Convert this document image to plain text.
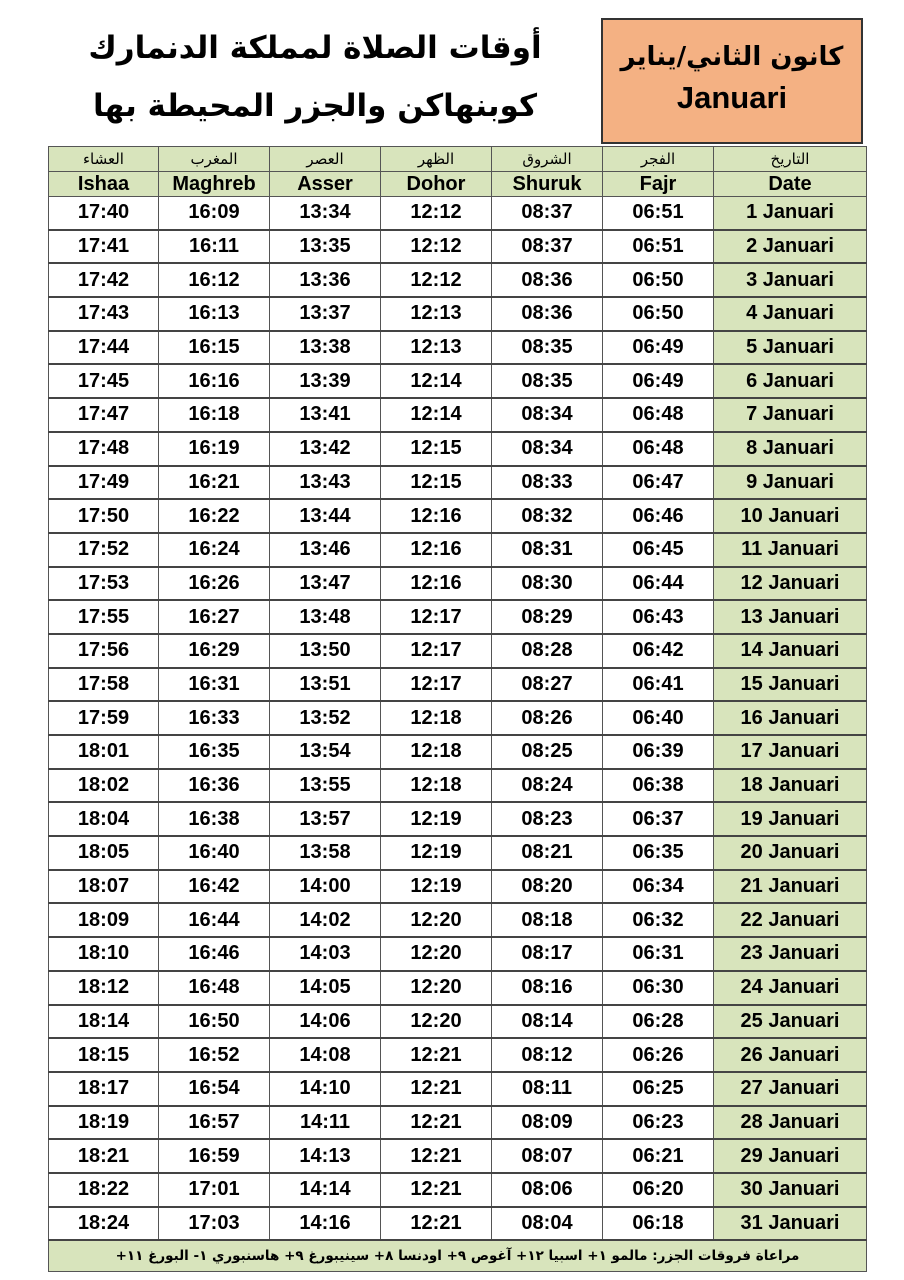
أوقات الصلاة لمملكة الدنمارك
كوبنهاكن والجزر المحيطة بها
كانون الثاني/يناير
Januari
العشاء	المغرب	العصر	الظهر	الشروق	الفجر	التاريخ
Ishaa	Maghreb	Asser	Dohor	Shuruk	Fajr	Date
17:40	16:09	13:34	12:12	08:37	06:51	1 Januari
17:41	16:11	13:35	12:12	08:37	06:51	2 Januari
17:42	16:12	13:36	12:12	08:36	06:50	3 Januari
17:43	16:13	13:37	12:13	08:36	06:50	4 Januari
17:44	16:15	13:38	12:13	08:35	06:49	5 Januari
17:45	16:16	13:39	12:14	08:35	06:49	6 Januari
17:47	16:18	13:41	12:14	08:34	06:48	7 Januari
17:48	16:19	13:42	12:15	08:34	06:48	8 Januari
17:49	16:21	13:43	12:15	08:33	06:47	9 Januari
17:50	16:22	13:44	12:16	08:32	06:46	10 Januari
17:52	16:24	13:46	12:16	08:31	06:45	11 Januari
17:53	16:26	13:47	12:16	08:30	06:44	12 Januari
17:55	16:27	13:48	12:17	08:29	06:43	13 Januari
17:56	16:29	13:50	12:17	08:28	06:42	14 Januari
17:58	16:31	13:51	12:17	08:27	06:41	15 Januari
17:59	16:33	13:52	12:18	08:26	06:40	16 Januari
18:01	16:35	13:54	12:18	08:25	06:39	17 Januari
18:02	16:36	13:55	12:18	08:24	06:38	18 Januari
18:04	16:38	13:57	12:19	08:23	06:37	19 Januari
18:05	16:40	13:58	12:19	08:21	06:35	20 Januari
18:07	16:42	14:00	12:19	08:20	06:34	21 Januari
18:09	16:44	14:02	12:20	08:18	06:32	22 Januari
18:10	16:46	14:03	12:20	08:17	06:31	23 Januari
18:12	16:48	14:05	12:20	08:16	06:30	24 Januari
18:14	16:50	14:06	12:20	08:14	06:28	25 Januari
18:15	16:52	14:08	12:21	08:12	06:26	26 Januari
18:17	16:54	14:10	12:21	08:11	06:25	27 Januari
18:19	16:57	14:11	12:21	08:09	06:23	28 Januari
18:21	16:59	14:13	12:21	08:07	06:21	29 Januari
18:22	17:01	14:14	12:21	08:06	06:20	30 Januari
18:24	17:03	14:16	12:21	08:04	06:18	31 Januari
مراعاة فروقات الجزر: مالمو ١+ اسبيا ١٢+ آغوص ٩+ اودنسا ٨+ سينيبورغ ٩+ هاسنبوري ١- البورغ ١١+						
